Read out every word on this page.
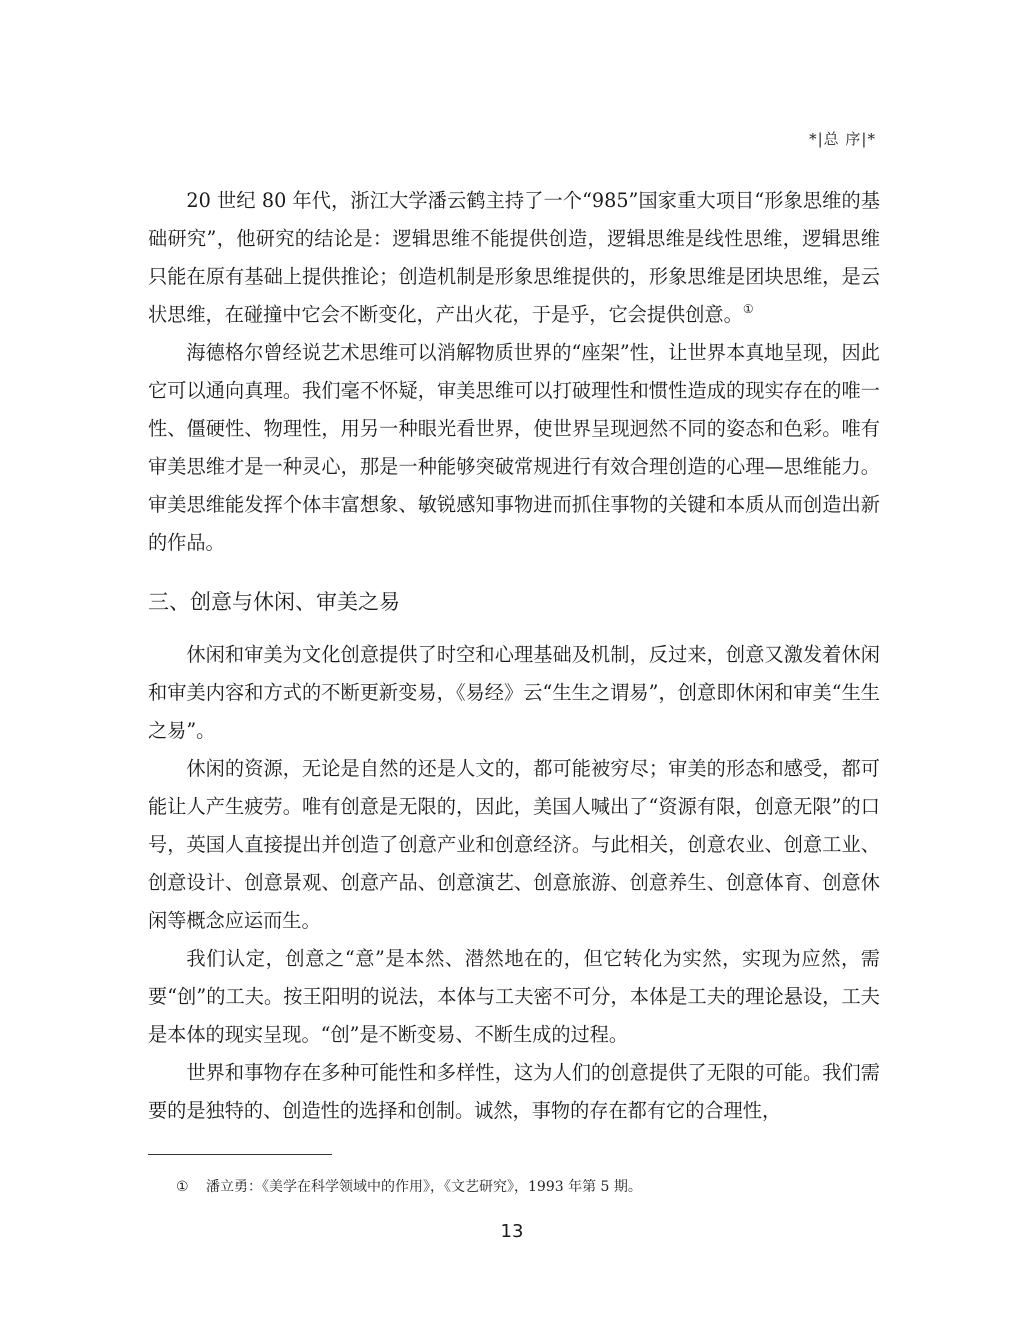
*|总 序|*

20 世纪 80 年代，浙江大学潘云鹤主持了一个“985”国家重大项目“形象思维的基础研究”，他研究的结论是：逻辑思维不能提供创造，逻辑思维是线性思维，逻辑思维只能在原有基础上提供推论；创造机制是形象思维提供的，形象思维是团块思维，是云状思维，在碰撞中它会不断变化，产出火花，于是乎，它会提供创意。①

海德格尔曾经说艺术思维可以消解物质世界的“座架”性，让世界本真地呈现，因此它可以通向真理。我们毫不怀疑，审美思维可以打破理性和惯性造成的现实存在的唯一性、僵硬性、物理性，用另一种眼光看世界，使世界呈现迥然不同的姿态和色彩。唯有审美思维才是一种灵心，那是一种能够突破常规进行有效合理创造的心理—思维能力。审美思维能发挥个体丰富想象、敏锐感知事物进而抓住事物的关键和本质从而创造出新的作品。

三、创意与休闲、审美之易

休闲和审美为文化创意提供了时空和心理基础及机制，反过来，创意又激发着休闲和审美内容和方式的不断更新变易，《易经》云“生生之谓易”，创意即休闲和审美“生生之易”。

休闲的资源，无论是自然的还是人文的，都可能被穷尽；审美的形态和感受，都可能让人产生疲劳。唯有创意是无限的，因此，美国人喊出了“资源有限，创意无限”的口号，英国人直接提出并创造了创意产业和创意经济。与此相关，创意农业、创意工业、创意设计、创意景观、创意产品、创意演艺、创意旅游、创意养生、创意体育、创意休闲等概念应运而生。

我们认定，创意之“意”是本然、潜然地在的，但它转化为实然，实现为应然，需要“创”的工夫。按王阳明的说法，本体与工夫密不可分，本体是工夫的理论悬设，工夫是本体的现实呈现。“创”是不断变易、不断生成的过程。

世界和事物存在多种可能性和多样性，这为人们的创意提供了无限的可能。我们需要的是独特的、创造性的选择和创制。诚然，事物的存在都有它的合理性，

① 潘立勇：《美学在科学领域中的作用》，《文艺研究》，1993 年第 5 期。
13
